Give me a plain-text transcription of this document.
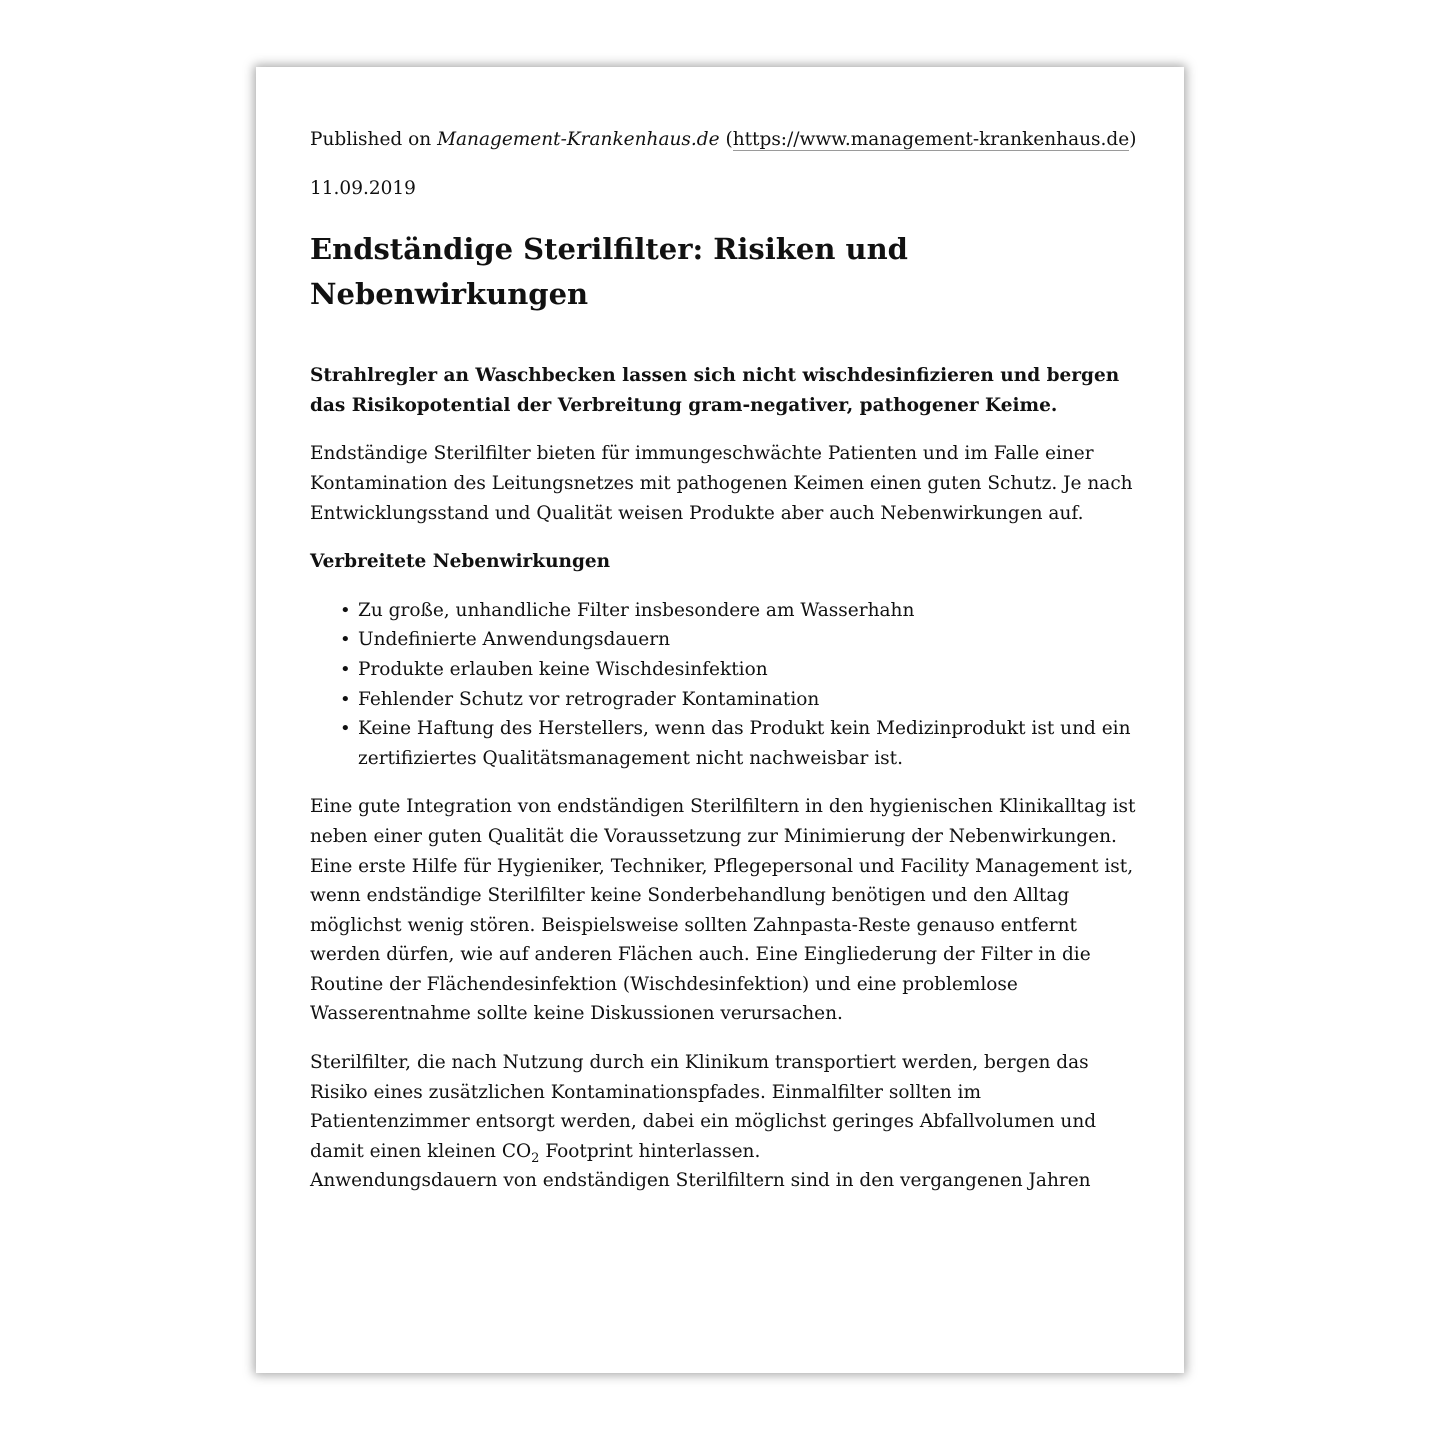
Published on Management-Krankenhaus.de (https://www.management-krankenhaus.de)

11.09.2019

Endständige Sterilfilter: Risiken und Nebenwirkungen

Strahlregler an Waschbecken lassen sich nicht wischdesinfizieren und bergen das Risikopotential der Verbreitung gram-negativer, pathogener Keime.

Endständige Sterilfilter bieten für immungeschwächte Patienten und im Falle einer Kontamination des Leitungsnetzes mit pathogenen Keimen einen guten Schutz. Je nach Entwicklungsstand und Qualität weisen Produkte aber auch Nebenwirkungen auf.

Verbreitete Nebenwirkungen

• Zu große, unhandliche Filter insbesondere am Wasserhahn
• Undefinierte Anwendungsdauern
• Produkte erlauben keine Wischdesinfektion
• Fehlender Schutz vor retrograder Kontamination
• Keine Haftung des Herstellers, wenn das Produkt kein Medizinprodukt ist und ein zertifiziertes Qualitätsmanagement nicht nachweisbar ist.

Eine gute Integration von endständigen Sterilfiltern in den hygienischen Klinikalltag ist neben einer guten Qualität die Voraussetzung zur Minimierung der Nebenwirkungen.

Eine erste Hilfe für Hygieniker, Techniker, Pflegepersonal und Facility Management ist, wenn endständige Sterilfilter keine Sonderbehandlung benötigen und den Alltag möglichst wenig stören. Beispielsweise sollten Zahnpasta-Reste genauso entfernt werden dürfen, wie auf anderen Flächen auch. Eine Eingliederung der Filter in die Routine der Flächendesinfektion (Wischdesinfektion) und eine problemlose Wasserentnahme sollte keine Diskussionen verursachen.

Sterilfilter, die nach Nutzung durch ein Klinikum transportiert werden, bergen das Risiko eines zusätzlichen Kontaminationspfades. Einmalfilter sollten im Patientenzimmer entsorgt werden, dabei ein möglichst geringes Abfallvolumen und damit einen kleinen $CO_2$ Footprint hinterlassen.

Anwendungsdauern von endständigen Sterilfiltern sind in den vergangenen Jahren
